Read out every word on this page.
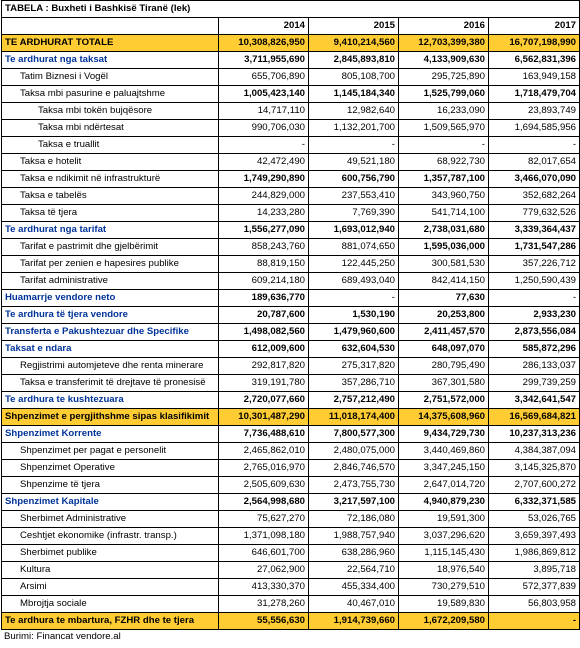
TABELA : Buxheti i Bashkisë Tiranë (lek)				
	2014	2015	2016	2017
TE ARDHURAT TOTALE	10,308,826,950	9,410,214,560	12,703,399,380	16,707,198,990
Te ardhurat nga taksat	3,711,955,690	2,845,893,810	4,133,909,630	6,562,831,396
Tatim Biznesi i Vogël	655,706,890	805,108,700	295,725,890	163,949,158
Taksa mbi pasurine e paluajtshme	1,005,423,140	1,145,184,340	1,525,799,060	1,718,479,704
Taksa mbi tokën bujqësore	14,717,110	12,982,640	16,233,090	23,893,749
Taksa mbi ndërtesat	990,706,030	1,132,201,700	1,509,565,970	1,694,585,956
Taksa e truallit	-	-	-	-
Taksa e hotelit	42,472,490	49,521,180	68,922,730	82,017,654
Taksa e ndikimit në infrastrukturë	1,749,290,890	600,756,790	1,357,787,100	3,466,070,090
Taksa e tabelës	244,829,000	237,553,410	343,960,750	352,682,264
Taksa të tjera	14,233,280	7,769,390	541,714,100	779,632,526
Te ardhurat nga tarifat	1,556,277,090	1,693,012,940	2,738,031,680	3,339,364,437
Tarifat e pastrimit dhe gjelbërimit	858,243,760	881,074,650	1,595,036,000	1,731,547,286
Tarifat per zenien e hapesires publike	88,819,150	122,445,250	300,581,530	357,226,712
Tarifat administrative	609,214,180	689,493,040	842,414,150	1,250,590,439
Huamarrje vendore neto	189,636,770	-	77,630	-
Te ardhura të tjera vendore	20,787,600	1,530,190	20,253,800	2,933,230
Transferta e Pakushtezuar dhe Specifike	1,498,082,560	1,479,960,600	2,411,457,570	2,873,556,084
Taksat e ndara	612,009,600	632,604,530	648,097,070	585,872,296
Regjistrimi automjeteve dhe renta minerare	292,817,820	275,317,820	280,795,490	286,133,037
Taksa e transferimit të drejtave të pronesisë	319,191,780	357,286,710	367,301,580	299,739,259
Te ardhura te kushtezuara	2,720,077,660	2,757,212,490	2,751,572,000	3,342,641,547
Shpenzimet e pergjithshme sipas klasifikimit	10,301,487,290	11,018,174,400	14,375,608,960	16,569,684,821
Shpenzimet Korrente	7,736,488,610	7,800,577,300	9,434,729,730	10,237,313,236
Shpenzimet per pagat e personelit	2,465,862,010	2,480,075,000	3,440,469,860	4,384,387,094
Shpenzimet Operative	2,765,016,970	2,846,746,570	3,347,245,150	3,145,325,870
Shpenzime të tjera	2,505,609,630	2,473,755,730	2,647,014,720	2,707,600,272
Shpenzimet Kapitale	2,564,998,680	3,217,597,100	4,940,879,230	6,332,371,585
Sherbimet Administrative	75,627,270	72,186,080	19,591,300	53,026,765
Ceshtjet ekonomike (infrastr. transp.)	1,371,098,180	1,988,757,940	3,037,296,620	3,659,397,493
Sherbimet publike	646,601,700	638,286,960	1,115,145,430	1,986,869,812
Kultura	27,062,900	22,564,710	18,976,540	3,895,718
Arsimi	413,330,370	455,334,400	730,279,510	572,377,839
Mbrojtja sociale	31,278,260	40,467,010	19,589,830	56,803,958
Te ardhura te mbartura, FZHR dhe te tjera	55,556,630	1,914,739,660	1,672,209,580	-
Burimi: Financat vendore.al
